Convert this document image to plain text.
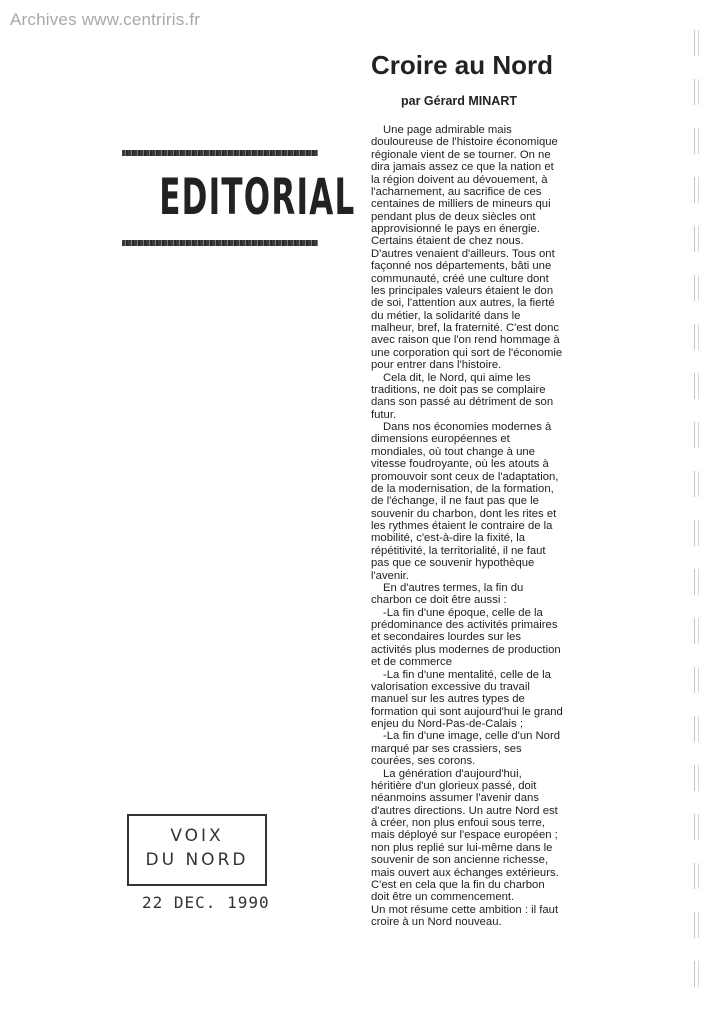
Archives www.centriris.fr
EDITORIAL
Croire au Nord
par Gérard MINART

Une page admirable mais douloureuse de l'histoire économique régionale vient de se tourner. On ne dira jamais assez ce que la nation et la région doivent au dévouement, à l'acharnement, au sacrifice de ces centaines de milliers de mineurs qui pendant plus de deux siècles ont approvisionné le pays en énergie. Certains étaient de chez nous. D'autres venaient d'ailleurs. Tous ont façonné nos départements, bâti une communauté, créé une culture dont les principales valeurs étaient le don de soi, l'attention aux autres, la fierté du métier, la solidarité dans le malheur, bref, la fraternité. C'est donc avec raison que l'on rend hommage à une corporation qui sort de l'économie pour entrer dans l'histoire.

Cela dit, le Nord, qui aime les traditions, ne doit pas se complaire dans son passé au détriment de son futur.

Dans nos économies modernes à dimensions européennes et mondiales, où tout change à une vitesse foudroyante, où les atouts à promouvoir sont ceux de l'adaptation, de la modernisation, de la formation, de l'échange, il ne faut pas que le souvenir du charbon, dont les rites et les rythmes étaient le contraire de la mobilité, c'est-à-dire la fixité, la répétitivité, la territorialité, il ne faut pas que ce souvenir hypothèque l'avenir.

En d'autres termes, la fin du charbon ce doit être aussi :

-La fin d'une époque, celle de la prédominance des activités primaires et secondaires lourdes sur les activités plus modernes de production et de commerce

-La fin d'une mentalité, celle de la valorisation excessive du travail manuel sur les autres types de formation qui sont aujourd'hui le grand enjeu du Nord-Pas-de-Calais ;

-La fin d'une image, celle d'un Nord marqué par ses crassiers, ses courées, ses corons.

La génération d'aujourd'hui, héritière d'un glorieux passé, doit néanmoins assumer l'avenir dans d'autres directions. Un autre Nord est à créer, non plus enfoui sous terre, mais déployé sur l'espace européen ; non plus replié sur lui-même dans le souvenir de son ancienne richesse, mais ouvert aux échanges extérieurs. C'est en cela que la fin du charbon doit être un commencement.

Un mot résume cette ambition : il faut croire à un Nord nouveau.

VOIX
DU NORD
22 DEC. 1990
